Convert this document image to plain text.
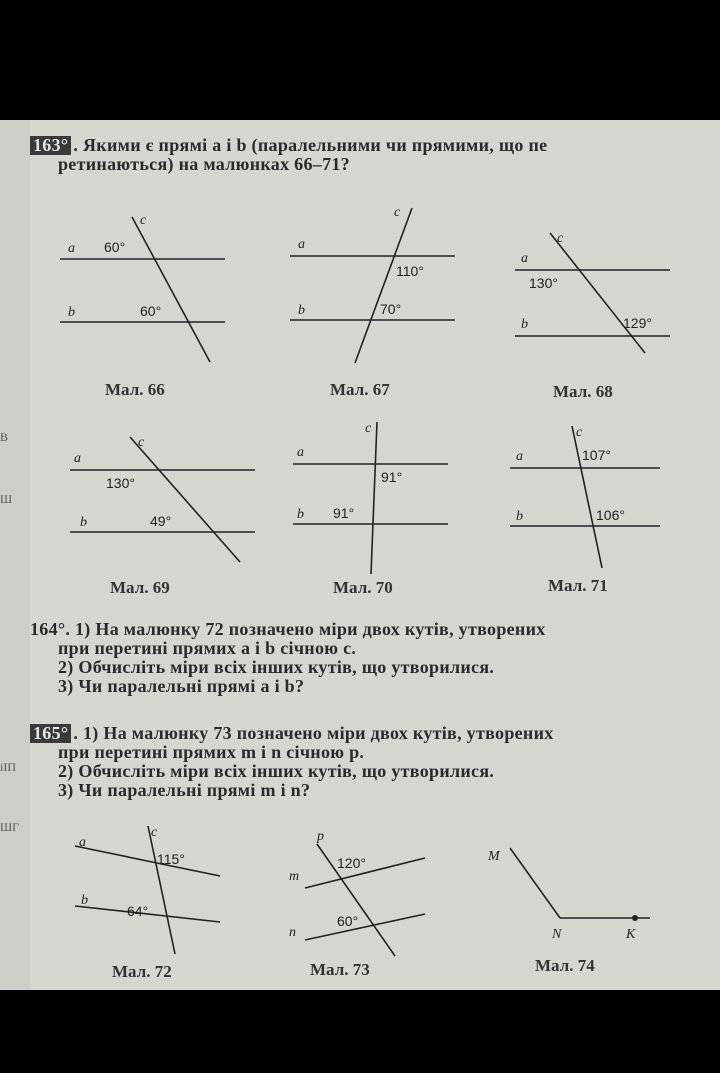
B
Ш
iIП
ШГ
163° . Якими є прямі a і b (паралельними чи прямими, що пе
ретинаються) на малюнках 66–71?
a
b
c
60°
60°
Мал. 66
a
b
c
110°
70°
Мал. 67
a
b
c
130°
129°
Мал. 68
a
b
c
130°
49°
Мал. 69
a
b
c
91°
91°
Мал. 70
a
b
c
107°
106°
Мал. 71
164°. 1) На малюнку 72 позначено міри двох кутів, утворених
при перетині прямих a і b січною c.
2) Обчисліть міри всіх інших кутів, що утворилися.
3) Чи паралельні прямі a і b?
165° . 1) На малюнку 73 позначено міри двох кутів, утворених
при перетині прямих m і n січною p.
2) Обчисліть міри всіх інших кутів, що утворилися.
3) Чи паралельні прямі m і n?
a
b
c
115°
64°
Мал. 72
m
n
p
120°
60°
Мал. 73
M
N	K
Мал. 74
